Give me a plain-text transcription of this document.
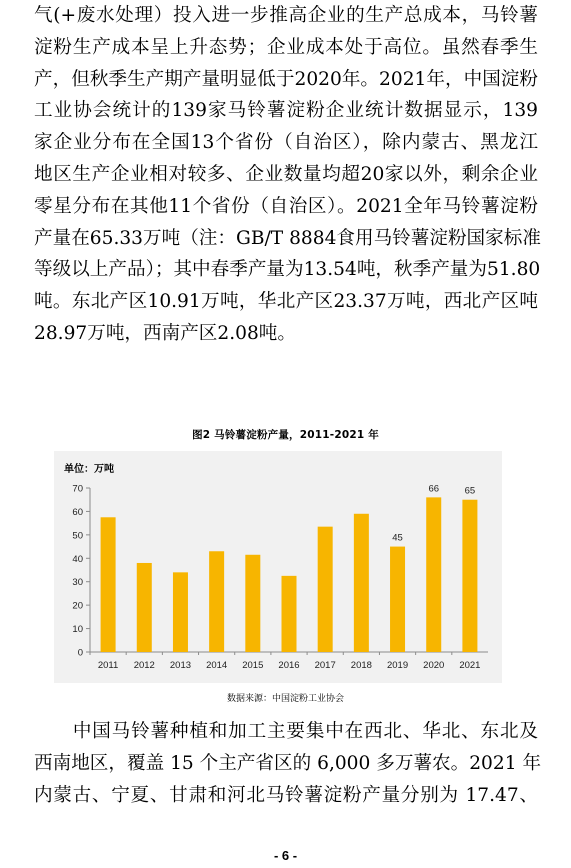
气(+废水处理）投入进一步推高企业的生产总成本，马铃薯
淀粉生产成本呈上升态势；企业成本处于高位。虽然春季生
产，但秋季生产期产量明显低于2020年。2021年，中国淀粉
工业协会统计的139家马铃薯淀粉企业统计数据显示，139
家企业分布在全国13个省份（自治区），除内蒙古、黑龙江
地区生产企业相对较多、企业数量均超20家以外，剩余企业
零星分布在其他11个省份（自治区）。2021全年马铃薯淀粉
产量在65.33万吨（注：GB/T 8884食用马铃薯淀粉国家标准
等级以上产品）；其中春季产量为13.54吨，秋季产量为51.80
吨。东北产区10.91万吨，华北产区23.37万吨，西北产区吨
28.97万吨，西南产区2.08吨。
图2 马铃薯淀粉产量，2011-2021 年
单位：万吨
0
10
20
30
40
50
60
70
2011 2012 2013 2014 2015 2016 2017 2018 2019
45
2020
66
2021
65
数据来源：中国淀粉工业协会
　　中国马铃薯种植和加工主要集中在西北、华北、东北及
西南地区，覆盖 15 个主产省区的 6,000 多万薯农。2021 年
内蒙古、宁夏、甘肃和河北马铃薯淀粉产量分别为 17.47、
- 6 -
